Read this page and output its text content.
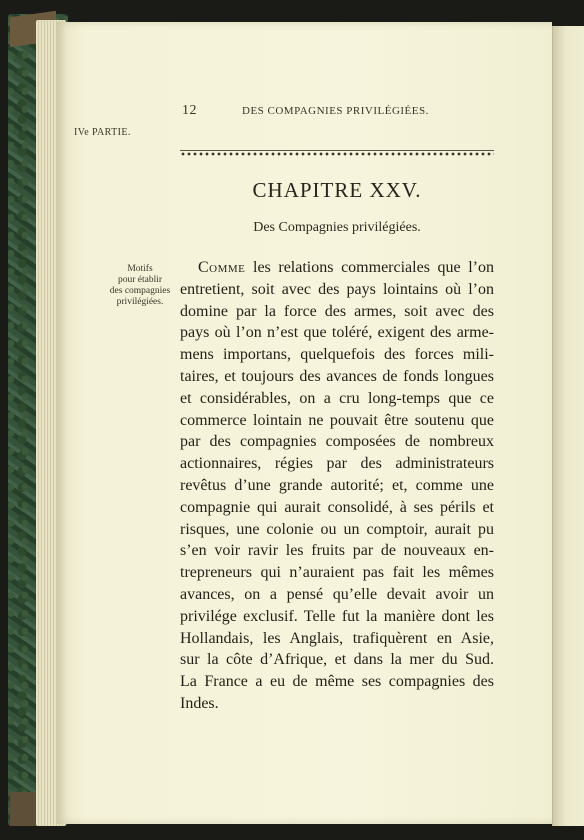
12	DES COMPAGNIES PRIVILÉGIÉES.
IVe PARTIE.
CHAPITRE XXV.
Des Compagnies privilégiées.
Motifs
pour établir
des compagnies
privilégiées.
Comme les relations commerciales que l’on
entretient, soit avec des pays lointains où l’on
domine par la force des armes, soit avec des
pays où l’on n’est que toléré, exigent des arme-
mens importans, quelquefois des forces mili-
taires, et toujours des avances de fonds longues
et considérables, on a cru long-temps que ce
commerce lointain ne pouvait être soutenu que
par des compagnies composées de nombreux
actionnaires, régies par des administrateurs
revêtus d’une grande autorité; et, comme une
compagnie qui aurait consolidé, à ses périls et
risques, une colonie ou un comptoir, aurait pu
s’en voir ravir les fruits par de nouveaux en-
trepreneurs qui n’auraient pas fait les mêmes
avances, on a pensé qu’elle devait avoir un
privilége exclusif. Telle fut la manière dont les
Hollandais, les Anglais, trafiquèrent en Asie,
sur la côte d’Afrique, et dans la mer du Sud.
La France a eu de même ses compagnies des
Indes.
